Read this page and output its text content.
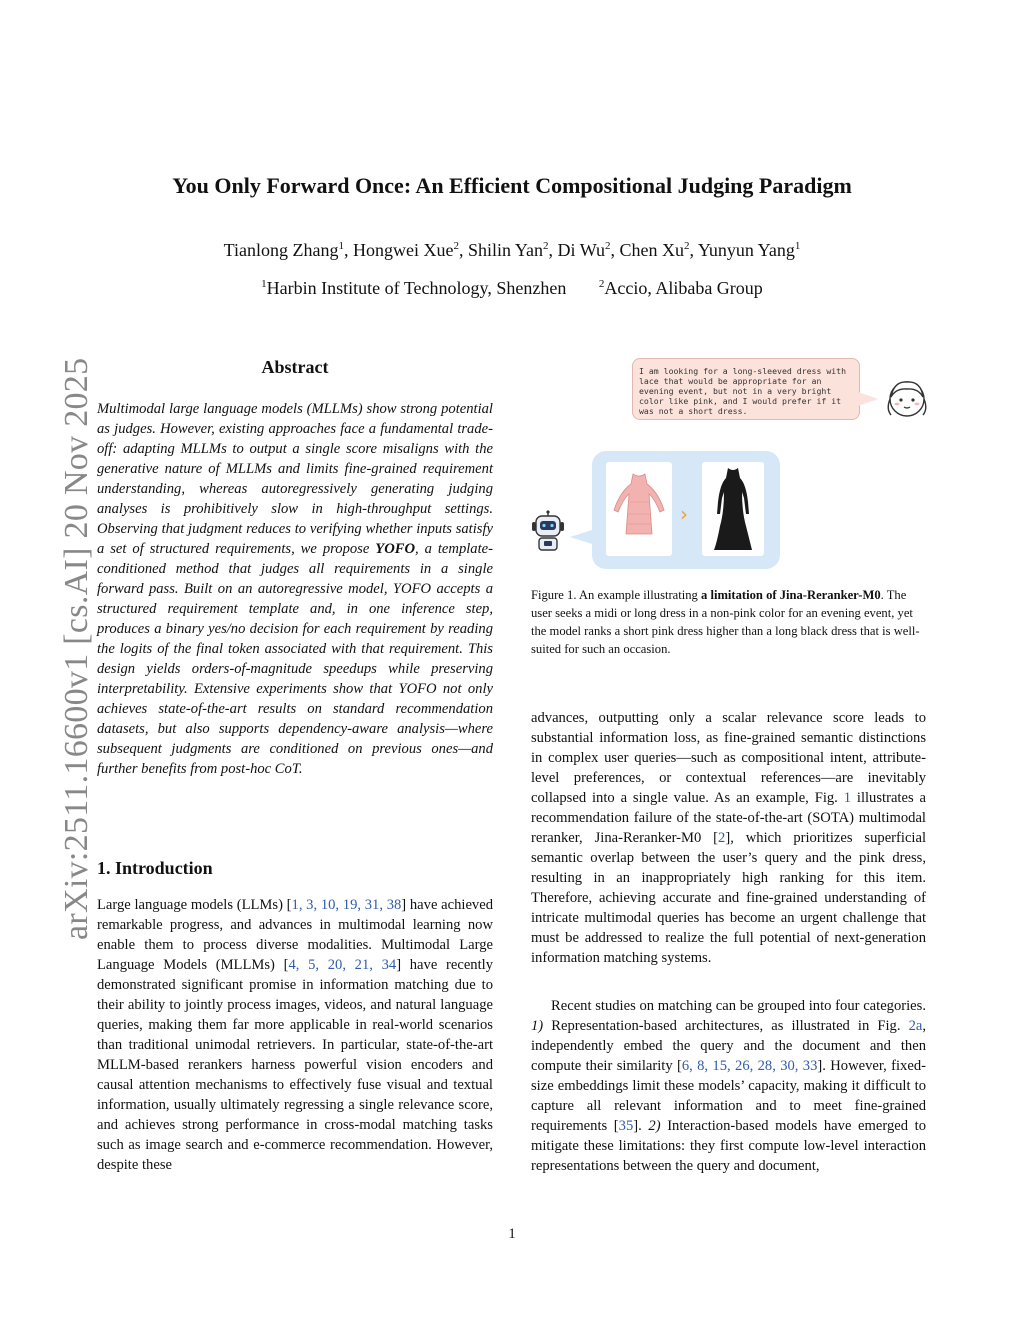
arXiv:2511.16600v1 [cs.AI] 20 Nov 2025
You Only Forward Once: An Efficient Compositional Judging Paradigm
Tianlong Zhang$^1$, Hongwei Xue$^2$, Shilin Yan$^2$, Di Wu$^2$, Chen Xu$^2$, Yunyun Yang$^1$
$^1$Harbin Institute of Technology, Shenzhen	$^2$Accio, Alibaba Group
Abstract
Multimodal large language models (MLLMs) show strong potential as judges. However, existing approaches face a fundamental trade-off: adapting MLLMs to output a single score misaligns with the generative nature of MLLMs and limits fine-grained requirement understanding, whereas autoregressively generating judging analyses is prohibitively slow in high-throughput settings. Observing that judgment reduces to verifying whether inputs satisfy a set of structured requirements, we propose YOFO, a template-conditioned method that judges all requirements in a single forward pass. Built on an autoregressive model, YOFO accepts a structured requirement template and, in one inference step, produces a binary yes/no decision for each requirement by reading the logits of the final token associated with that requirement. This design yields orders-of-magnitude speedups while preserving interpretability. Extensive experiments show that YOFO not only achieves state-of-the-art results on standard recommendation datasets, but also supports dependency-aware analysis—where subsequent judgments are conditioned on previous ones—and further benefits from post-hoc CoT.
1. Introduction
Large language models (LLMs) [1, 3, 10, 19, 31, 38] have achieved remarkable progress, and advances in multimodal learning now enable them to process diverse modalities. Multimodal Large Language Models (MLLMs) [4, 5, 20, 21, 34] have recently demonstrated significant promise in information matching due to their ability to jointly process images, videos, and natural language queries, making them far more applicable in real-world scenarios than traditional unimodal retrievers. In particular, state-of-the-art MLLM-based rerankers harness powerful vision encoders and causal attention mechanisms to effectively fuse visual and textual information, usually ultimately regressing a single relevance score, and achieves strong performance in cross-modal matching tasks such as image search and e-commerce recommendation. However, despite these
I am looking for a long-sleeved dress with lace that would be appropriate for an evening event, but not in a very bright color like pink, and I would prefer if it was not a short dress.
›
Figure 1. An example illustrating a limitation of Jina-Reranker-M0. The user seeks a midi or long dress in a non-pink color for an evening event, yet the model ranks a short pink dress higher than a long black dress that is well-suited for such an occasion.
advances, outputting only a scalar relevance score leads to substantial information loss, as fine-grained semantic distinctions in complex user queries—such as compositional intent, attribute-level preferences, or contextual references—are inevitably collapsed into a single value. As an example, Fig. 1 illustrates a recommendation failure of the state-of-the-art (SOTA) multimodal reranker, Jina-Reranker-M0 [2], which prioritizes superficial semantic overlap between the user’s query and the pink dress, resulting in an inappropriately high ranking for this item. Therefore, achieving accurate and fine-grained understanding of intricate multimodal queries has become an urgent challenge that must be addressed to realize the full potential of next-generation information matching systems.
Recent studies on matching can be grouped into four categories. 1) Representation-based architectures, as illustrated in Fig. 2a, independently embed the query and the document and then compute their similarity [6, 8, 15, 26, 28, 30, 33]. However, fixed-size embeddings limit these models’ capacity, making it difficult to capture all relevant information and to meet fine-grained requirements [35]. 2) Interaction-based models have emerged to mitigate these limitations: they first compute low-level interaction representations between the query and document,
1
